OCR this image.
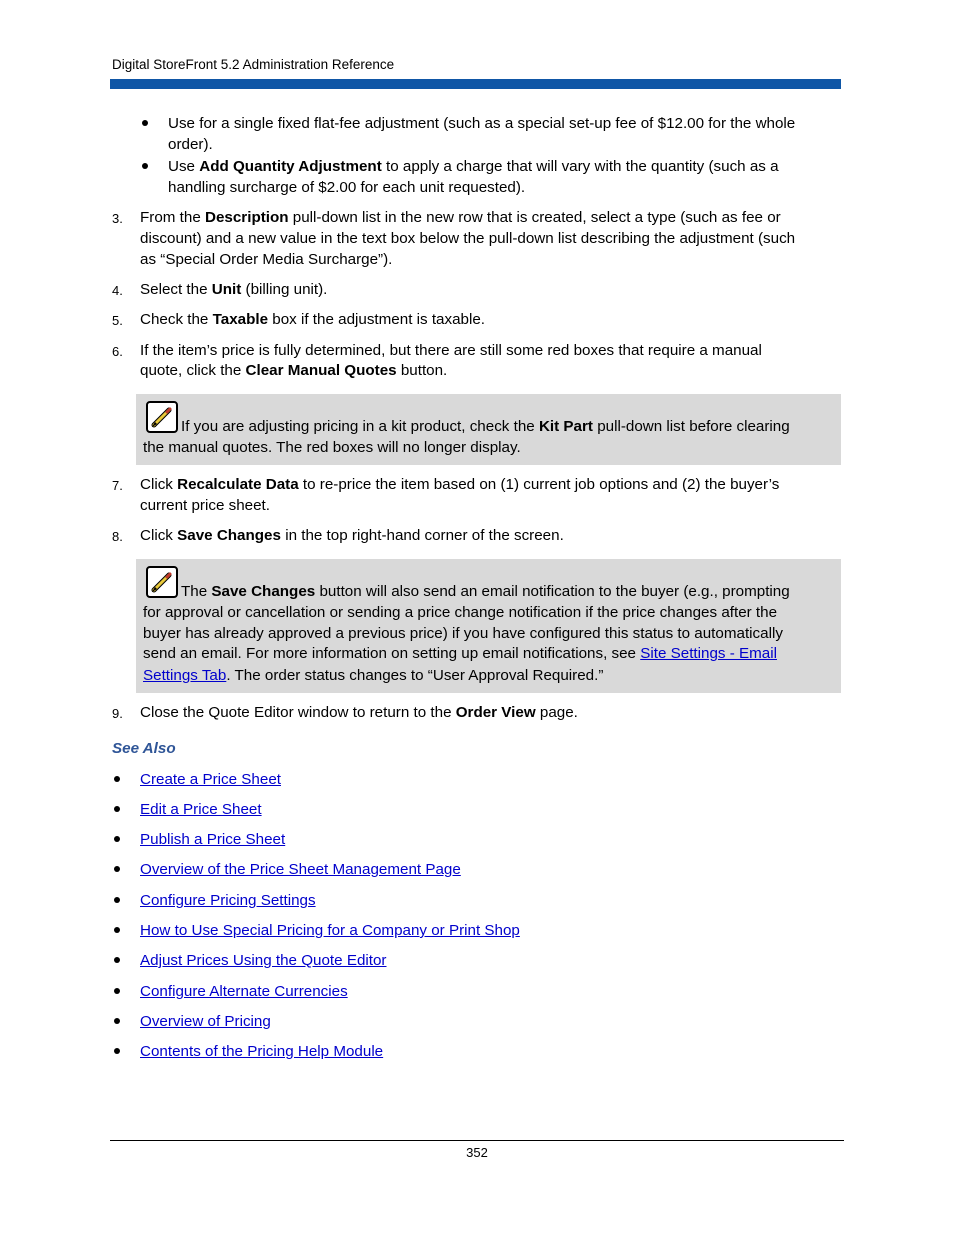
Digital StoreFront 5.2 Administration Reference
Use for a single fixed flat-fee adjustment (such as a special set-up fee of $12.00 for the whole
order).
Use Add Quantity Adjustment to apply a charge that will vary with the quantity (such as a
handling surcharge of $2.00 for each unit requested).
3. From the Description pull-down list in the new row that is created, select a type (such as fee or
discount) and a new value in the text box below the pull-down list describing the adjustment (such
as “Special Order Media Surcharge”).
4. Select the Unit (billing unit).
5. Check the Taxable box if the adjustment is taxable.
6. If the item’s price is fully determined, but there are still some red boxes that require a manual
quote, click the Clear Manual Quotes button.
If you are adjusting pricing in a kit product, check the Kit Part pull-down list before clearing
the manual quotes. The red boxes will no longer display.
7. Click Recalculate Data to re-price the item based on (1) current job options and (2) the buyer’s
current price sheet.
8. Click Save Changes in the top right-hand corner of the screen.
The Save Changes button will also send an email notification to the buyer (e.g., prompting
for approval or cancellation or sending a price change notification if the price changes after the
buyer has already approved a previous price) if you have configured this status to automatically
send an email. For more information on setting up email notifications, see Site Settings - Email
Settings Tab. The order status changes to “User Approval Required.”
9. Close the Quote Editor window to return to the Order View page.
See Also
Create a Price Sheet
Edit a Price Sheet
Publish a Price Sheet
Overview of the Price Sheet Management Page
Configure Pricing Settings
How to Use Special Pricing for a Company or Print Shop
Adjust Prices Using the Quote Editor
Configure Alternate Currencies
Overview of Pricing
Contents of the Pricing Help Module
352
